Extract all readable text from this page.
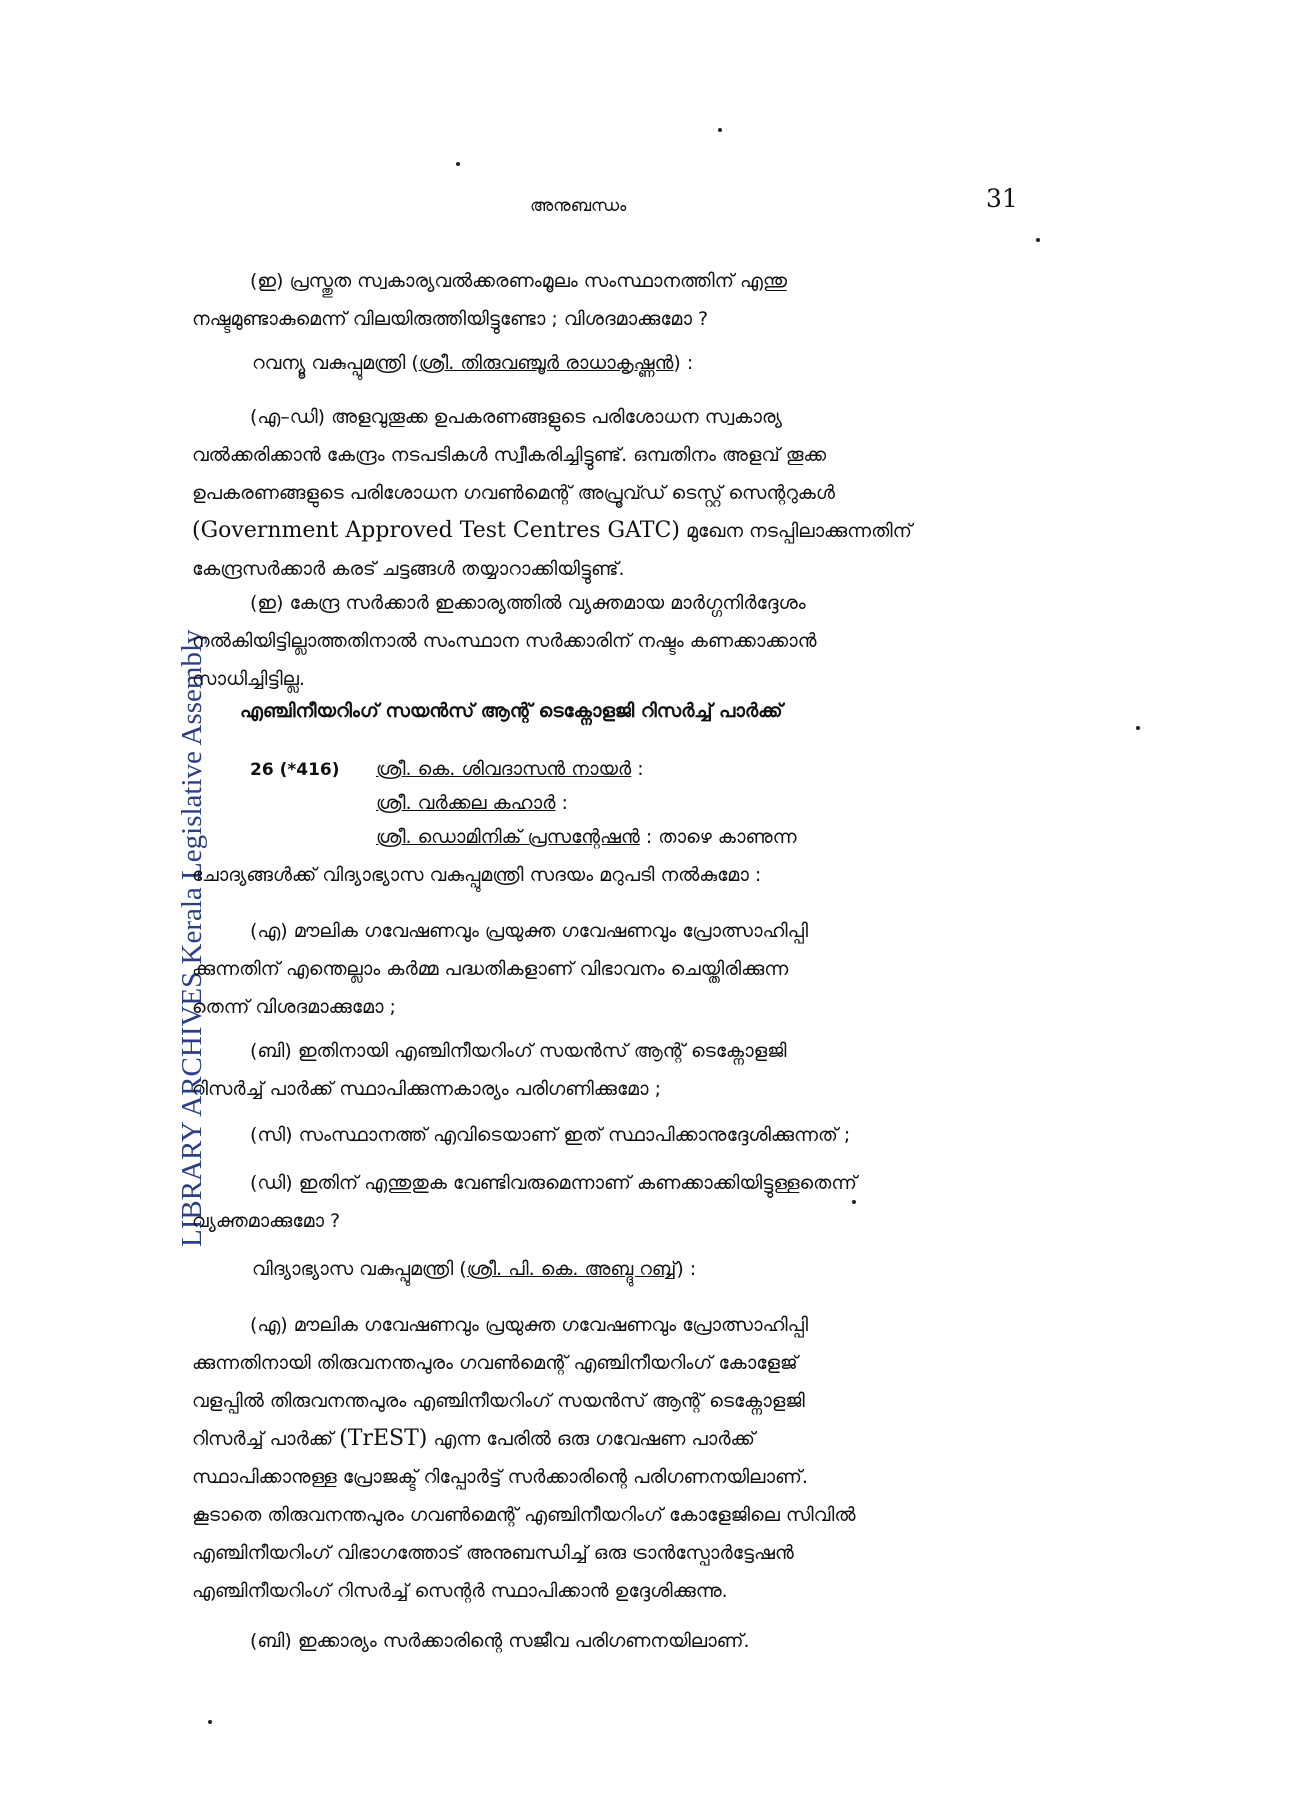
അനുബന്ധം	31
LIBRARY ARCHIVES Kerala Legislative Assembly
(ഇ) പ്രസ്തുത സ്വകാര്യവൽക്കരണംമൂലം സംസ്ഥാനത്തിന് എന്തു
നഷ്ടമുണ്ടാകുമെന്ന് വിലയിരുത്തിയിട്ടുണ്ടോ ; വിശദമാക്കുമോ ?
റവന്യൂ വകുപ്പുമന്ത്രി (ശ്രീ. തിരുവഞ്ചൂർ രാധാകൃഷ്ണൻ) :
(എ–ഡി) അളവുതൂക്ക ഉപകരണങ്ങളുടെ പരിശോധന സ്വകാര്യ
വൽക്കരിക്കാൻ കേന്ദ്രം നടപടികൾ സ്വീകരിച്ചിട്ടുണ്ട്. ഒമ്പതിനം അളവ് തൂക്ക
ഉപകരണങ്ങളുടെ പരിശോധന ഗവൺമെന്റ് അപ്രൂവ്ഡ് ടെസ്റ്റ് സെന്ററുകൾ
(Government Approved Test Centres GATC) മുഖേന നടപ്പിലാക്കുന്നതിന്
കേന്ദ്രസർക്കാർ കരട് ചട്ടങ്ങൾ തയ്യാറാക്കിയിട്ടുണ്ട്.
(ഇ) കേന്ദ്ര സർക്കാർ ഇക്കാര്യത്തിൽ വ്യക്തമായ മാർഗ്ഗനിർദ്ദേശം
നൽകിയിട്ടില്ലാത്തതിനാൽ സംസ്ഥാന സർക്കാരിന് നഷ്ടം കണക്കാക്കാൻ
സാധിച്ചിട്ടില്ല.
എഞ്ചിനീയറിംഗ് സയൻസ് ആന്റ് ടെക്നോളജി റിസർച്ച് പാർക്ക്
26 (*416) ശ്രീ. കെ. ശിവദാസൻ നായർ :
ശ്രീ. വർക്കല കഹാർ :
ശ്രീ. ഡൊമിനിക് പ്രസന്റേഷൻ : താഴെ കാണുന്ന
ചോദ്യങ്ങൾക്ക് വിദ്യാഭ്യാസ വകുപ്പുമന്ത്രി സദയം മറുപടി നൽകുമോ :
(എ) മൗലിക ഗവേഷണവും പ്രയുക്ത ഗവേഷണവും പ്രോത്സാഹിപ്പി
ക്കുന്നതിന് എന്തെല്ലാം കർമ്മ പദ്ധതികളാണ് വിഭാവനം ചെയ്തിരിക്കുന്ന
തെന്ന് വിശദമാക്കുമോ ;
(ബി) ഇതിനായി എഞ്ചിനീയറിംഗ് സയൻസ് ആന്റ് ടെക്നോളജി
റിസർച്ച് പാർക്ക് സ്ഥാപിക്കുന്നകാര്യം പരിഗണിക്കുമോ ;
(സി) സംസ്ഥാനത്ത് എവിടെയാണ് ഇത് സ്ഥാപിക്കാനുദ്ദേശിക്കുന്നത് ;
(ഡി) ഇതിന് എന്തുതുക വേണ്ടിവരുമെന്നാണ് കണക്കാക്കിയിട്ടുള്ളതെന്ന്
വ്യക്തമാക്കുമോ ?
വിദ്യാഭ്യാസ വകുപ്പുമന്ത്രി (ശ്രീ. പി. കെ. അബ്ദു റബ്ബ്) :
(എ) മൗലിക ഗവേഷണവും പ്രയുക്ത ഗവേഷണവും പ്രോത്സാഹിപ്പി
ക്കുന്നതിനായി തിരുവനന്തപുരം ഗവൺമെന്റ് എഞ്ചിനീയറിംഗ് കോളേജ്
വളപ്പിൽ തിരുവനന്തപുരം എഞ്ചിനീയറിംഗ് സയൻസ് ആന്റ് ടെക്നോളജി
റിസർച്ച് പാർക്ക് (TrEST) എന്ന പേരിൽ ഒരു ഗവേഷണ പാർക്ക്
സ്ഥാപിക്കാനുള്ള പ്രോജക്ട് റിപ്പോർട്ട് സർക്കാരിന്റെ പരിഗണനയിലാണ്.
കൂടാതെ തിരുവനന്തപുരം ഗവൺമെന്റ് എഞ്ചിനീയറിംഗ് കോളേജിലെ സിവിൽ
എഞ്ചിനീയറിംഗ് വിഭാഗത്തോട് അനുബന്ധിച്ച് ഒരു ട്രാൻസ്പോർട്ടേഷൻ
എഞ്ചിനീയറിംഗ് റിസർച്ച് സെന്റർ സ്ഥാപിക്കാൻ ഉദ്ദേശിക്കുന്നു.
(ബി) ഇക്കാര്യം സർക്കാരിന്റെ സജീവ പരിഗണനയിലാണ്.
